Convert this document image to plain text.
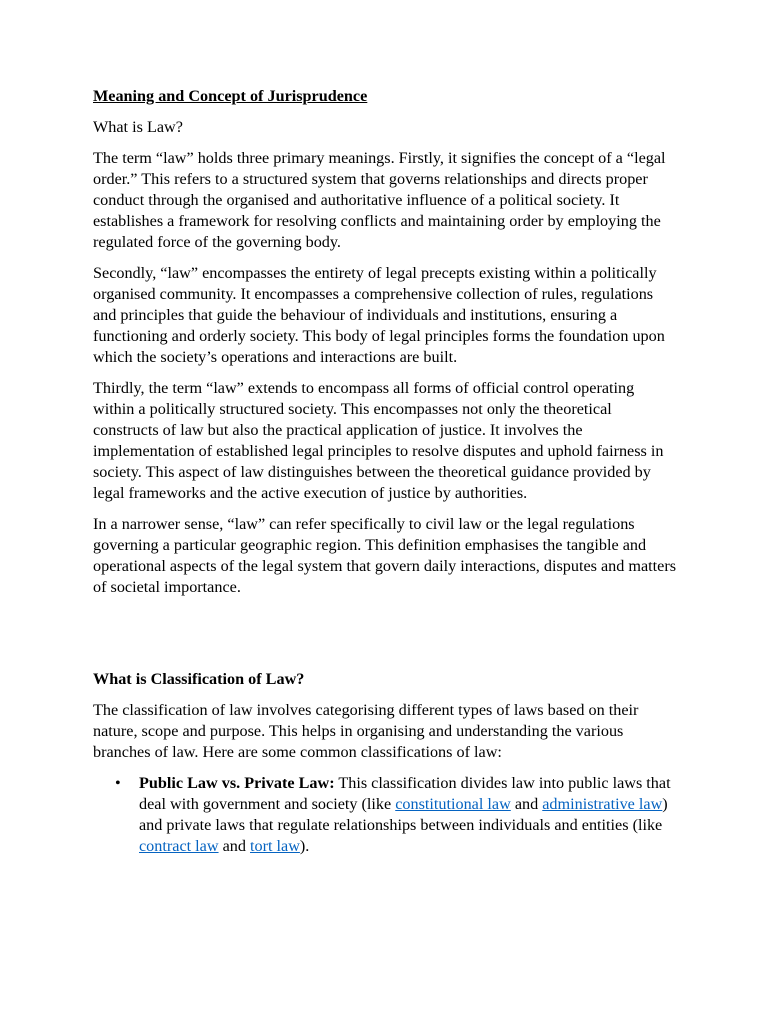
Meaning and Concept of Jurisprudence

What is Law?

The term “law” holds three primary meanings. Firstly, it signifies the concept of a “legal order.” This refers to a structured system that governs relationships and directs proper conduct through the organised and authoritative influence of a political society. It establishes a framework for resolving conflicts and maintaining order by employing the regulated force of the governing body.

Secondly, “law” encompasses the entirety of legal precepts existing within a politically organised community. It encompasses a comprehensive collection of rules, regulations and principles that guide the behaviour of individuals and institutions, ensuring a functioning and orderly society. This body of legal principles forms the foundation upon which the society’s operations and interactions are built.

Thirdly, the term “law” extends to encompass all forms of official control operating within a politically structured society. This encompasses not only the theoretical constructs of law but also the practical application of justice. It involves the implementation of established legal principles to resolve disputes and uphold fairness in society. This aspect of law distinguishes between the theoretical guidance provided by legal frameworks and the active execution of justice by authorities.

In a narrower sense, “law” can refer specifically to civil law or the legal regulations governing a particular geographic region. This definition emphasises the tangible and operational aspects of the legal system that govern daily interactions, disputes and matters of societal importance.

What is Classification of Law?

The classification of law involves categorising different types of laws based on their nature, scope and purpose. This helps in organising and understanding the various branches of law. Here are some common classifications of law:

• Public Law vs. Private Law: This classification divides law into public laws that deal with government and society (like constitutional law and administrative law) and private laws that regulate relationships between individuals and entities (like contract law and tort law).
